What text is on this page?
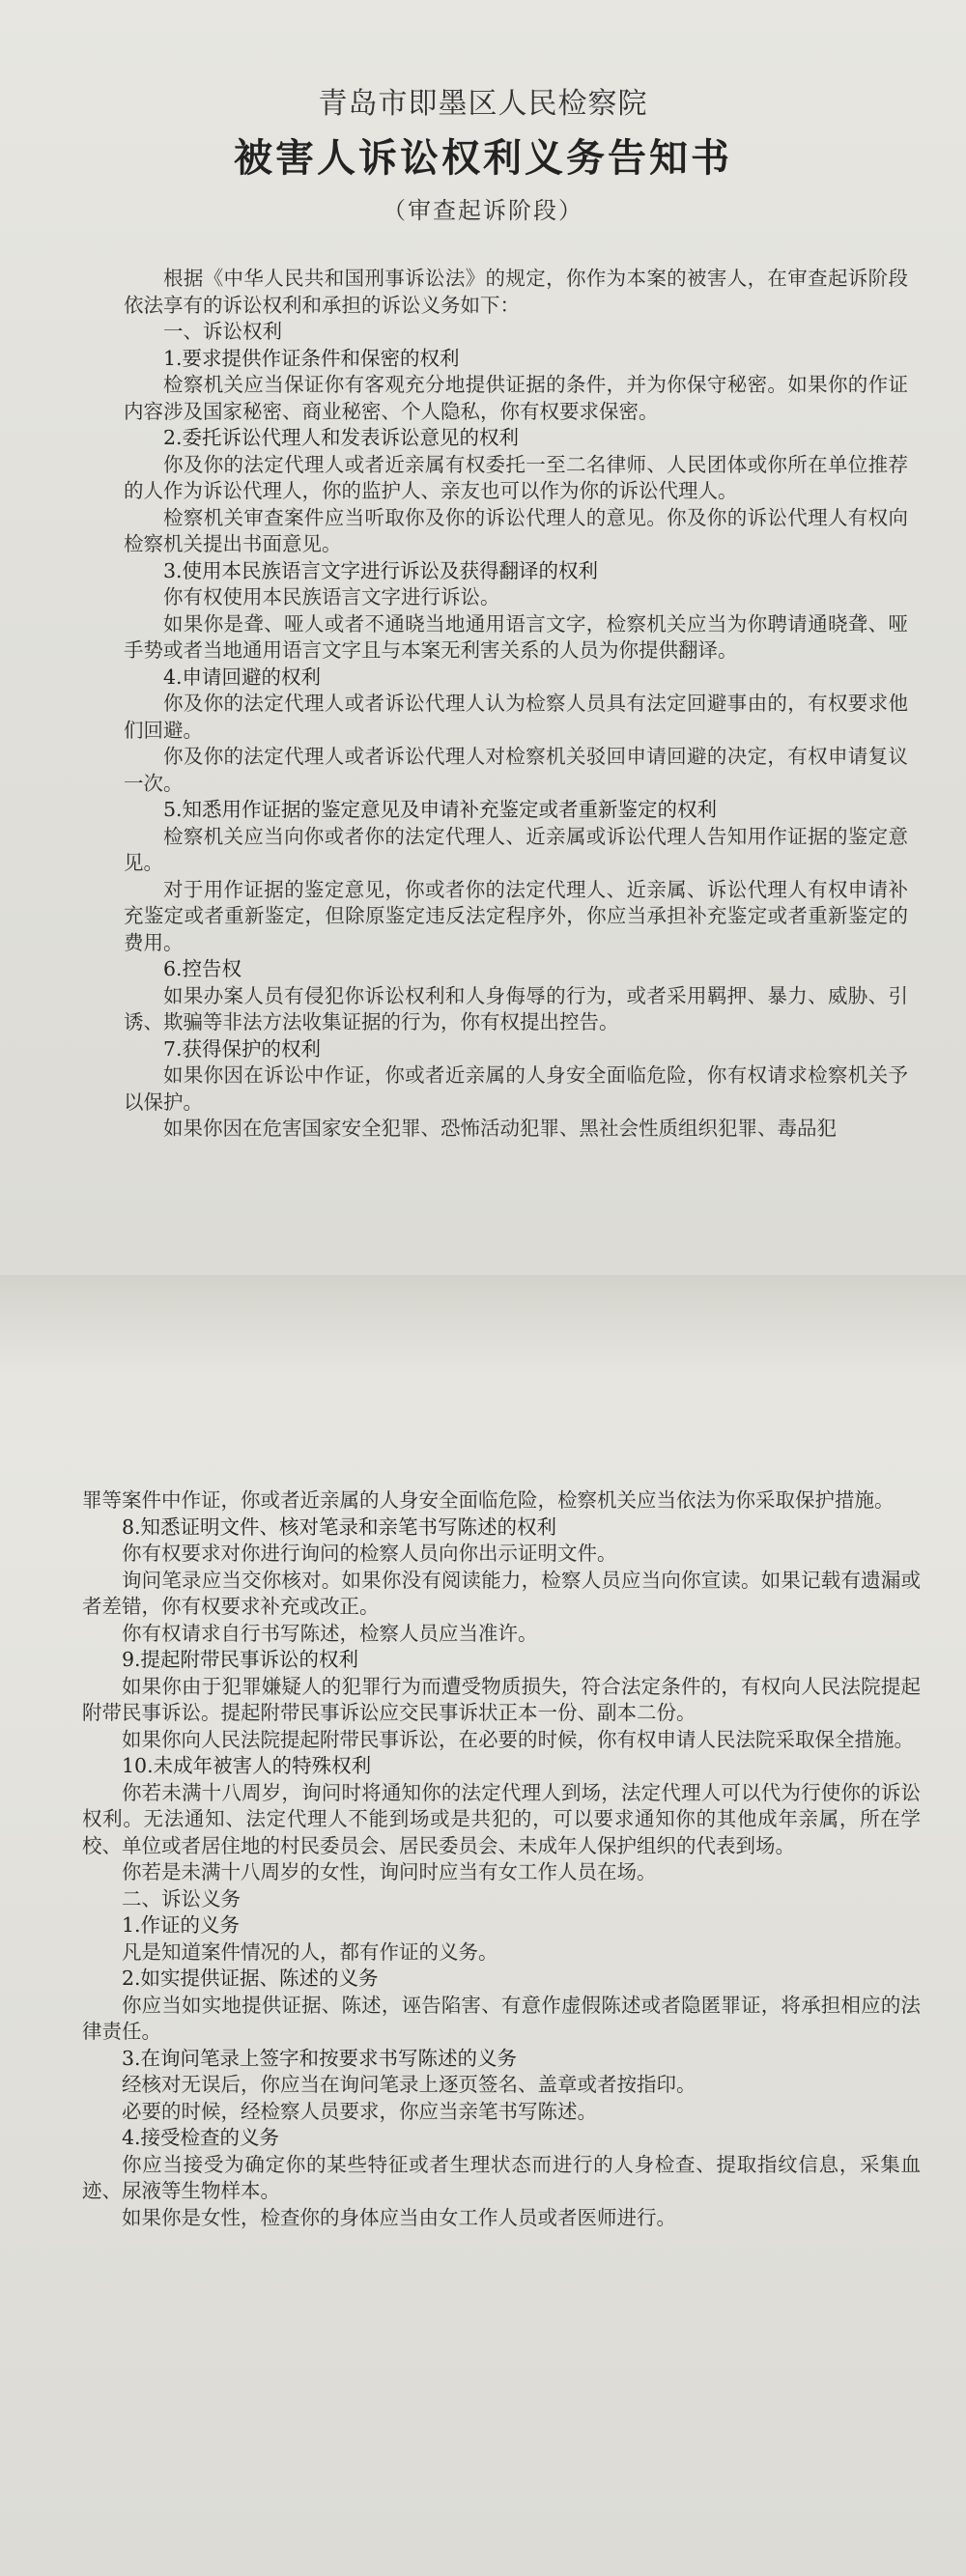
青岛市即墨区人民检察院
被害人诉讼权利义务告知书
（审查起诉阶段）

根据《中华人民共和国刑事诉讼法》的规定，你作为本案的被害人，在审查起诉阶段依法享有的诉讼权利和承担的诉讼义务如下：

一、诉讼权利

1.要求提供作证条件和保密的权利

检察机关应当保证你有客观充分地提供证据的条件，并为你保守秘密。如果你的作证内容涉及国家秘密、商业秘密、个人隐私，你有权要求保密。

2.委托诉讼代理人和发表诉讼意见的权利

你及你的法定代理人或者近亲属有权委托一至二名律师、人民团体或你所在单位推荐的人作为诉讼代理人，你的监护人、亲友也可以作为你的诉讼代理人。

检察机关审查案件应当听取你及你的诉讼代理人的意见。你及你的诉讼代理人有权向检察机关提出书面意见。

3.使用本民族语言文字进行诉讼及获得翻译的权利

你有权使用本民族语言文字进行诉讼。

如果你是聋、哑人或者不通晓当地通用语言文字，检察机关应当为你聘请通晓聋、哑手势或者当地通用语言文字且与本案无利害关系的人员为你提供翻译。

4.申请回避的权利

你及你的法定代理人或者诉讼代理人认为检察人员具有法定回避事由的，有权要求他们回避。

你及你的法定代理人或者诉讼代理人对检察机关驳回申请回避的决定，有权申请复议一次。

5.知悉用作证据的鉴定意见及申请补充鉴定或者重新鉴定的权利

检察机关应当向你或者你的法定代理人、近亲属或诉讼代理人告知用作证据的鉴定意见。

对于用作证据的鉴定意见，你或者你的法定代理人、近亲属、诉讼代理人有权申请补充鉴定或者重新鉴定，但除原鉴定违反法定程序外，你应当承担补充鉴定或者重新鉴定的费用。

6.控告权

如果办案人员有侵犯你诉讼权利和人身侮辱的行为，或者采用羁押、暴力、威胁、引诱、欺骗等非法方法收集证据的行为，你有权提出控告。

7.获得保护的权利

如果你因在诉讼中作证，你或者近亲属的人身安全面临危险，你有权请求检察机关予以保护。

如果你因在危害国家安全犯罪、恐怖活动犯罪、黑社会性质组织犯罪、毒品犯

罪等案件中作证，你或者近亲属的人身安全面临危险，检察机关应当依法为你采取保护措施。

8.知悉证明文件、核对笔录和亲笔书写陈述的权利

你有权要求对你进行询问的检察人员向你出示证明文件。

询问笔录应当交你核对。如果你没有阅读能力，检察人员应当向你宣读。如果记载有遗漏或者差错，你有权要求补充或改正。

你有权请求自行书写陈述，检察人员应当准许。

9.提起附带民事诉讼的权利

如果你由于犯罪嫌疑人的犯罪行为而遭受物质损失，符合法定条件的，有权向人民法院提起附带民事诉讼。提起附带民事诉讼应交民事诉状正本一份、副本二份。

如果你向人民法院提起附带民事诉讼，在必要的时候，你有权申请人民法院采取保全措施。

10.未成年被害人的特殊权利

你若未满十八周岁，询问时将通知你的法定代理人到场，法定代理人可以代为行使你的诉讼权利。无法通知、法定代理人不能到场或是共犯的，可以要求通知你的其他成年亲属，所在学校、单位或者居住地的村民委员会、居民委员会、未成年人保护组织的代表到场。

你若是未满十八周岁的女性，询问时应当有女工作人员在场。

二、诉讼义务

1.作证的义务

凡是知道案件情况的人，都有作证的义务。

2.如实提供证据、陈述的义务

你应当如实地提供证据、陈述，诬告陷害、有意作虚假陈述或者隐匿罪证，将承担相应的法律责任。

3.在询问笔录上签字和按要求书写陈述的义务

经核对无误后，你应当在询问笔录上逐页签名、盖章或者按指印。

必要的时候，经检察人员要求，你应当亲笔书写陈述。

4.接受检查的义务

你应当接受为确定你的某些特征或者生理状态而进行的人身检查、提取指纹信息，采集血迹、尿液等生物样本。

如果你是女性，检查你的身体应当由女工作人员或者医师进行。
